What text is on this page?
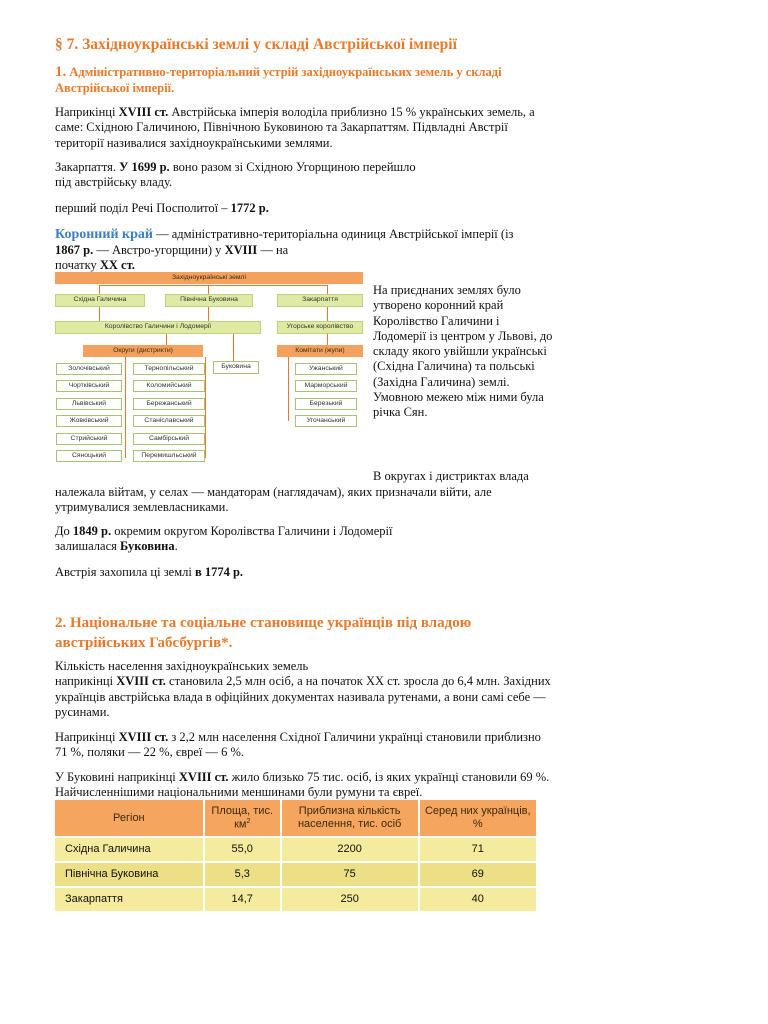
§ 7. Західноукраїнські землі у складі Австрійської імперії
1. Адміністративно-територіальний устрій західноукраїнських земель у складі Австрійської імперії.
Наприкінці XVIII ст. Австрійська імперія володіла приблизно 15 % українських земель, а саме: Східною Галичиною, Північною Буковиною та Закарпаттям. Підвладні Австрії території називалися західноукраїнськими землями.
Закарпаття. У 1699 р. воно разом зі Східною Угорщиною перейшло
під австрійську владу.
перший поділ Речі Посполитої – 1772 р.
Коронний край — адміністративно-територіальна одиниця Австрійської імперії (із
1867 р. — Австро-угорщини) у XVIII — на
початку XX ст.
Західноукраїнські землі
Східна Галичина	Північна Буковина	Закарпаття
Королівство Галичини і Лодомерії	Угорське королівство
Округи (дистрикти)	Комітати (жупи)
Буковина
Золочівський
Чортківський
Львівський
Жовківський
Стрийський
Сяноцький
Тернопільський
Коломийський
Бережанський
Станіславський
Самбірський
Перемишльський
Ужанський
Марморський
Березький
Угочанський
На приєднаних землях було утворено коронний край Королівство Галичини і Лодомерії із центром у Львові, до складу якого увійшли українські (Східна Галичина) та польські (Західна Галичина) землі. Умовною межею між ними була річка Сян.
В округах і дистриктах влада
належала війтам, у селах — мандаторам (наглядачам), яких призначали війти, але утримувалися землевласниками.
До 1849 р. окремим округом Королівства Галичини і Лодомерії
залишалася Буковина.
Австрія захопила ці землі в 1774 р.
2. Національне та соціальне становище українців під владою австрійських Габсбургів*.
Кількість населення західноукраїнських земель
наприкінці XVIII ст. становила 2,5 млн осіб, а на початок XX ст. зросла до 6,4 млн. Західних українців австрійська влада в офіційних документах називала рутенами, а вони самі себе — русинами.
Наприкінці XVIII ст. з 2,2 млн населення Східної Галичини українці становили приблизно 71 %, поляки — 22 %, євреї — 6 %.
У Буковині наприкінці XVIII ст. жило близько 75 тис. осіб, із яких українці становили 69 %. Найчисленнішими національними меншинами були румуни та євреї.
Регіон	Площа, тис. $км^2$	Приблизна кількість населення, тис. осіб	Серед них українців, %
Східна Галичина	55,0	2200	71
Північна Буковина	5,3	75	69
Закарпаття	14,7	250	40
